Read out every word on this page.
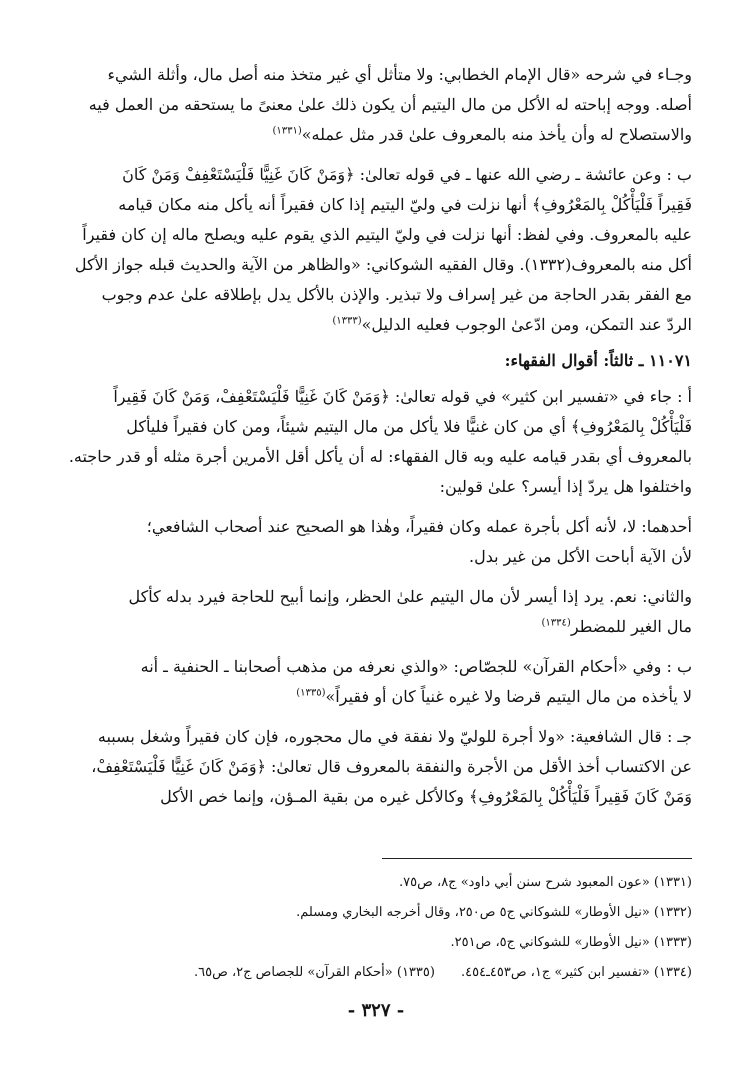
وجـاء في شرحه «قال الإمام الخطابي: ولا متأثل أي غير متخذ منه أصل مال، وأثلة الشيء
أصله. ووجه إباحته له الأكل من مال اليتيم أن يكون ذلك علىٰ معنىً ما يستحقه من العمل فيه
والاستصلاح له وأن يأخذ منه بالمعروف علىٰ قدر مثل عمله»$^{(١٣٣١)}$

ب : وعن عائشة ـ رضي الله عنها ـ في قوله تعالىٰ: ﴿وَمَنْ كَانَ غَنِيًّا فَلْيَسْتَعْفِفْ وَمَنْ كَانَ
فَقِيراً فَلْيَأْكُلْ بِالمَعْرُوفِ﴾ أنها نزلت في وليّ اليتيم إذا كان فقيراً أنه يأكل منه مكان قيامه
عليه بالمعروف. وفي لفظ: أنها نزلت في وليّ اليتيم الذي يقوم عليه ويصلح ماله إن كان فقيراً
أكل منه بالمعروف(١٣٣٢). وقال الفقيه الشوكاني: «والظاهر من الآية والحديث قبله جواز الأكل
مع الفقر بقدر الحاجة من غير إسراف ولا تبذير. والإذن بالأكل يدل بإطلاقه علىٰ عدم وجوب
الردّ عند التمكن، ومن ادّعىٰ الوجوب فعليه الدليل»$^{(١٣٣٣)}$

١١٠٧١ ـ ثالثاً: أقوال الفقهاء:

أ : جاء في «تفسير ابن كثير» في قوله تعالىٰ: ﴿وَمَنْ كَانَ غَنِيًّا فَلْيَسْتَعْفِفْ، وَمَنْ كَانَ فَقِيراً
فَلْيَأْكُلْ بِالمَعْرُوفِ﴾ أي من كان غنيًّا فلا يأكل من مال اليتيم شيئاً، ومن كان فقيراً فليأكل
بالمعروف أي بقدر قيامه عليه وبه قال الفقهاء: له أن يأكل أقل الأمرين أجرة مثله أو قدر حاجته.
واختلفوا هل يردّ إذا أيسر؟ علىٰ قولين:

أحدهما: لا، لأنه أكل بأجرة عمله وكان فقيراً، وهٰذا هو الصحيح عند أصحاب الشافعي؛
لأن الآية أباحت الأكل من غير بدل.

والثاني: نعم. يرد إذا أيسر لأن مال اليتيم علىٰ الحظر، وإنما أبيح للحاجة فيرد بدله كأكل
مال الغير للمضطر$^{(١٣٣٤)}$

ب : وفي «أحكام القرآن» للجصّاص: «والذي نعرفه من مذهب أصحابنا ـ الحنفية ـ أنه
لا يأخذه من مال اليتيم قرضا ولا غيره غنياً كان أو فقيراً»$^{(١٣٣٥)}$

جـ : قال الشافعية: «ولا أجرة للوليّ ولا نفقة في مال محجوره، فإن كان فقيراً وشغل بسببه
عن الاكتساب أخذ الأقل من الأجرة والنفقة بالمعروف قال تعالىٰ: ﴿وَمَنْ كَانَ غَنِيًّا فَلْيَسْتَعْفِفْ،
وَمَنْ كَانَ فَقِيراً فَلْيَأْكُلْ بِالمَعْرُوفِ﴾ وكالأكل غيره من بقية المـؤن، وإنما خص الأكل

(١٣٣١) «عون المعبود شرح سنن أبي داود» ج٨، ص٧٥.
(١٣٣٢) «نيل الأوطار» للشوكاني ج٥ ص٢٥٠، وقال أخرجه البخاري ومسلم.
(١٣٣٣) «نيل الأوطار» للشوكاني ج٥، ص٢٥١.
(١٣٣٤) «تفسير ابن كثير» ج١، ص٤٥٣ـ٤٥٤.
(١٣٣٥) «أحكام القرآن» للجصاص ج٢، ص٦٥.
- ٣٢٧ -
